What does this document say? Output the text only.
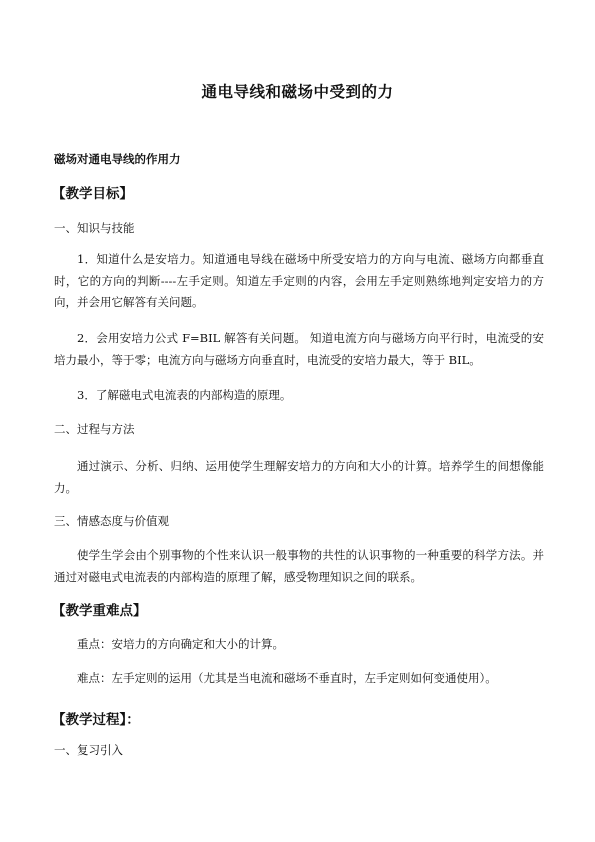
通电导线和磁场中受到的力
磁场对通电导线的作用力
【教学目标】
一、知识与技能
1．知道什么是安培力。知道通电导线在磁场中所受安培力的方向与电流、磁场方向都垂直时，它的方向的判断----左手定则。知道左手定则的内容，会用左手定则熟练地判定安培力的方向，并会用它解答有关问题。
2．会用安培力公式 F=BIL 解答有关问题。 知道电流方向与磁场方向平行时，电流受的安培力最小，等于零；电流方向与磁场方向垂直时，电流受的安培力最大，等于 BIL。
3．了解磁电式电流表的内部构造的原理。
二、过程与方法
通过演示、分析、归纳、运用使学生理解安培力的方向和大小的计算。培养学生的间想像能力。
三、情感态度与价值观
使学生学会由个别事物的个性来认识一般事物的共性的认识事物的一种重要的科学方法。并通过对磁电式电流表的内部构造的原理了解，感受物理知识之间的联系。
【教学重难点】
重点：安培力的方向确定和大小的计算。
难点：左手定则的运用（尤其是当电流和磁场不垂直时，左手定则如何变通使用）。
【教学过程】：
一、复习引入
